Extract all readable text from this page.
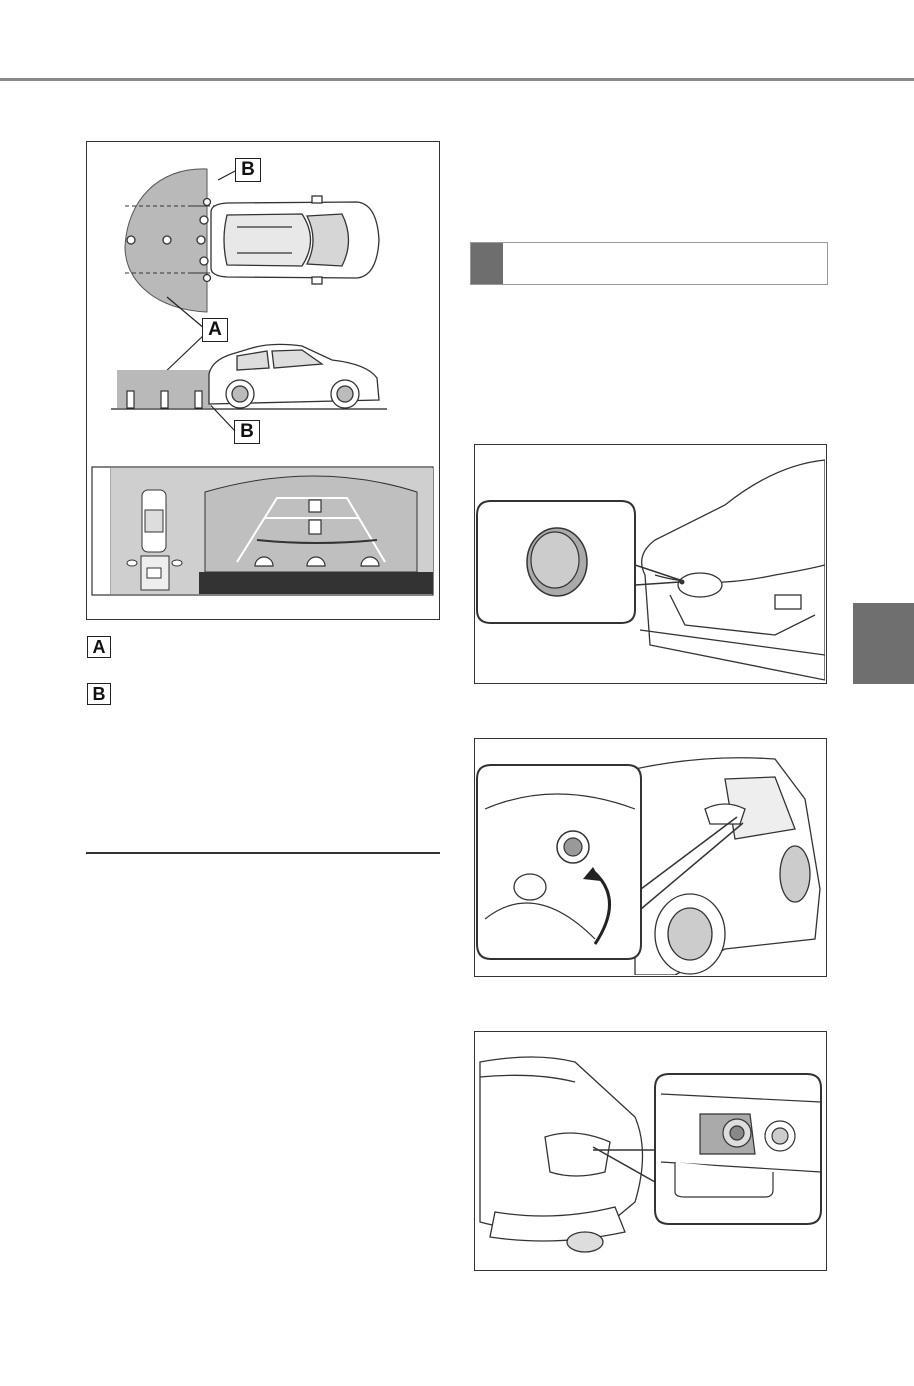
B
A
B
A
B
